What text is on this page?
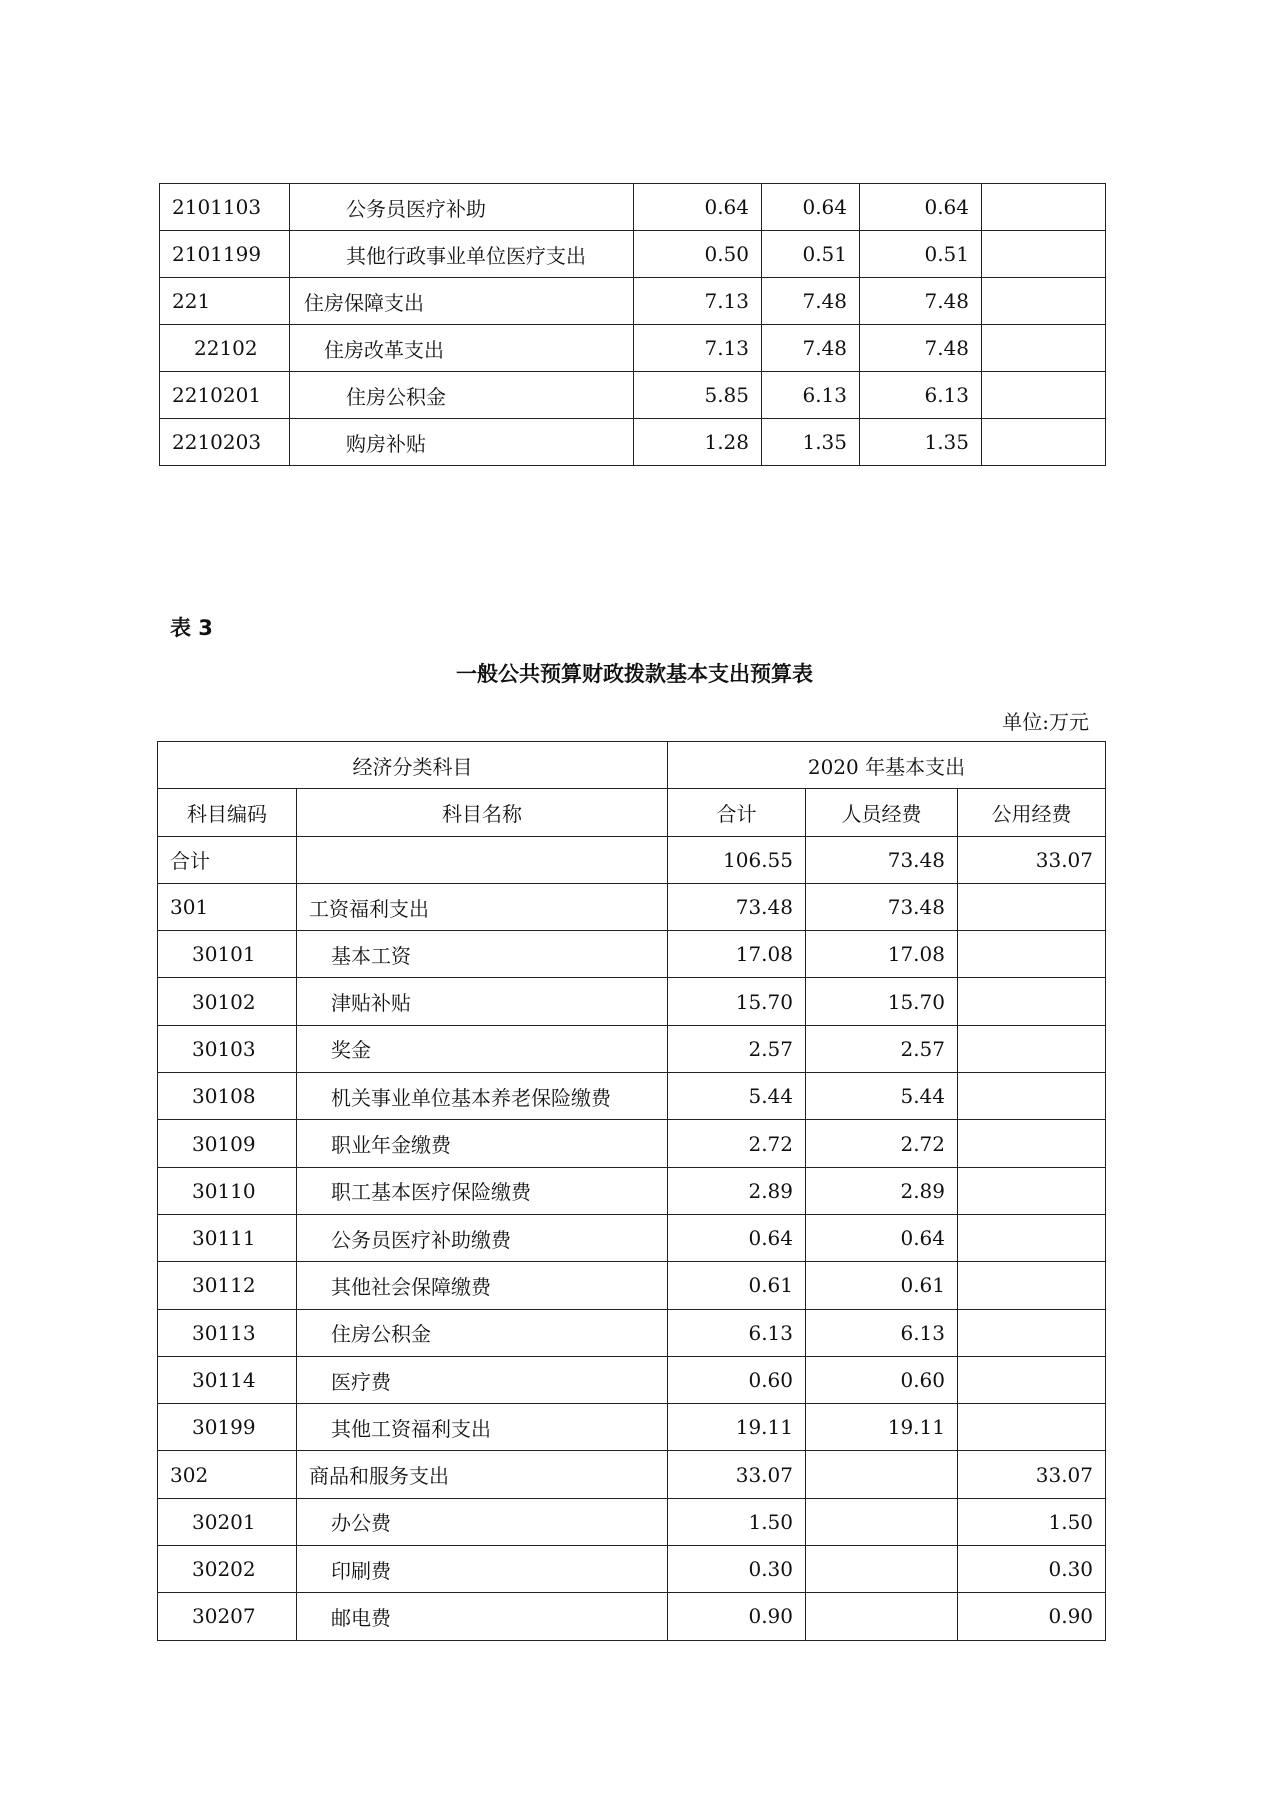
2101103	公务员医疗补助	0.64	0.64	0.64	
2101199	其他行政事业单位医疗支出	0.50	0.51	0.51	
221	住房保障支出	7.13	7.48	7.48	
22102	住房改革支出	7.13	7.48	7.48	
2210201	住房公积金	5.85	6.13	6.13	
2210203	购房补贴	1.28	1.35	1.35	
表 3
一般公共预算财政拨款基本支出预算表
单位:万元
经济分类科目		2020 年基本支出		
科目编码	科目名称	合计	人员经费	公用经费
合计		106.55	73.48	33.07
301	工资福利支出	73.48	73.48	
30101	基本工资	17.08	17.08	
30102	津贴补贴	15.70	15.70	
30103	奖金	2.57	2.57	
30108	机关事业单位基本养老保险缴费	5.44	5.44	
30109	职业年金缴费	2.72	2.72	
30110	职工基本医疗保险缴费	2.89	2.89	
30111	公务员医疗补助缴费	0.64	0.64	
30112	其他社会保障缴费	0.61	0.61	
30113	住房公积金	6.13	6.13	
30114	医疗费	0.60	0.60	
30199	其他工资福利支出	19.11	19.11	
302	商品和服务支出	33.07		33.07
30201	办公费	1.50		1.50
30202	印刷费	0.30		0.30
30207	邮电费	0.90		0.90
